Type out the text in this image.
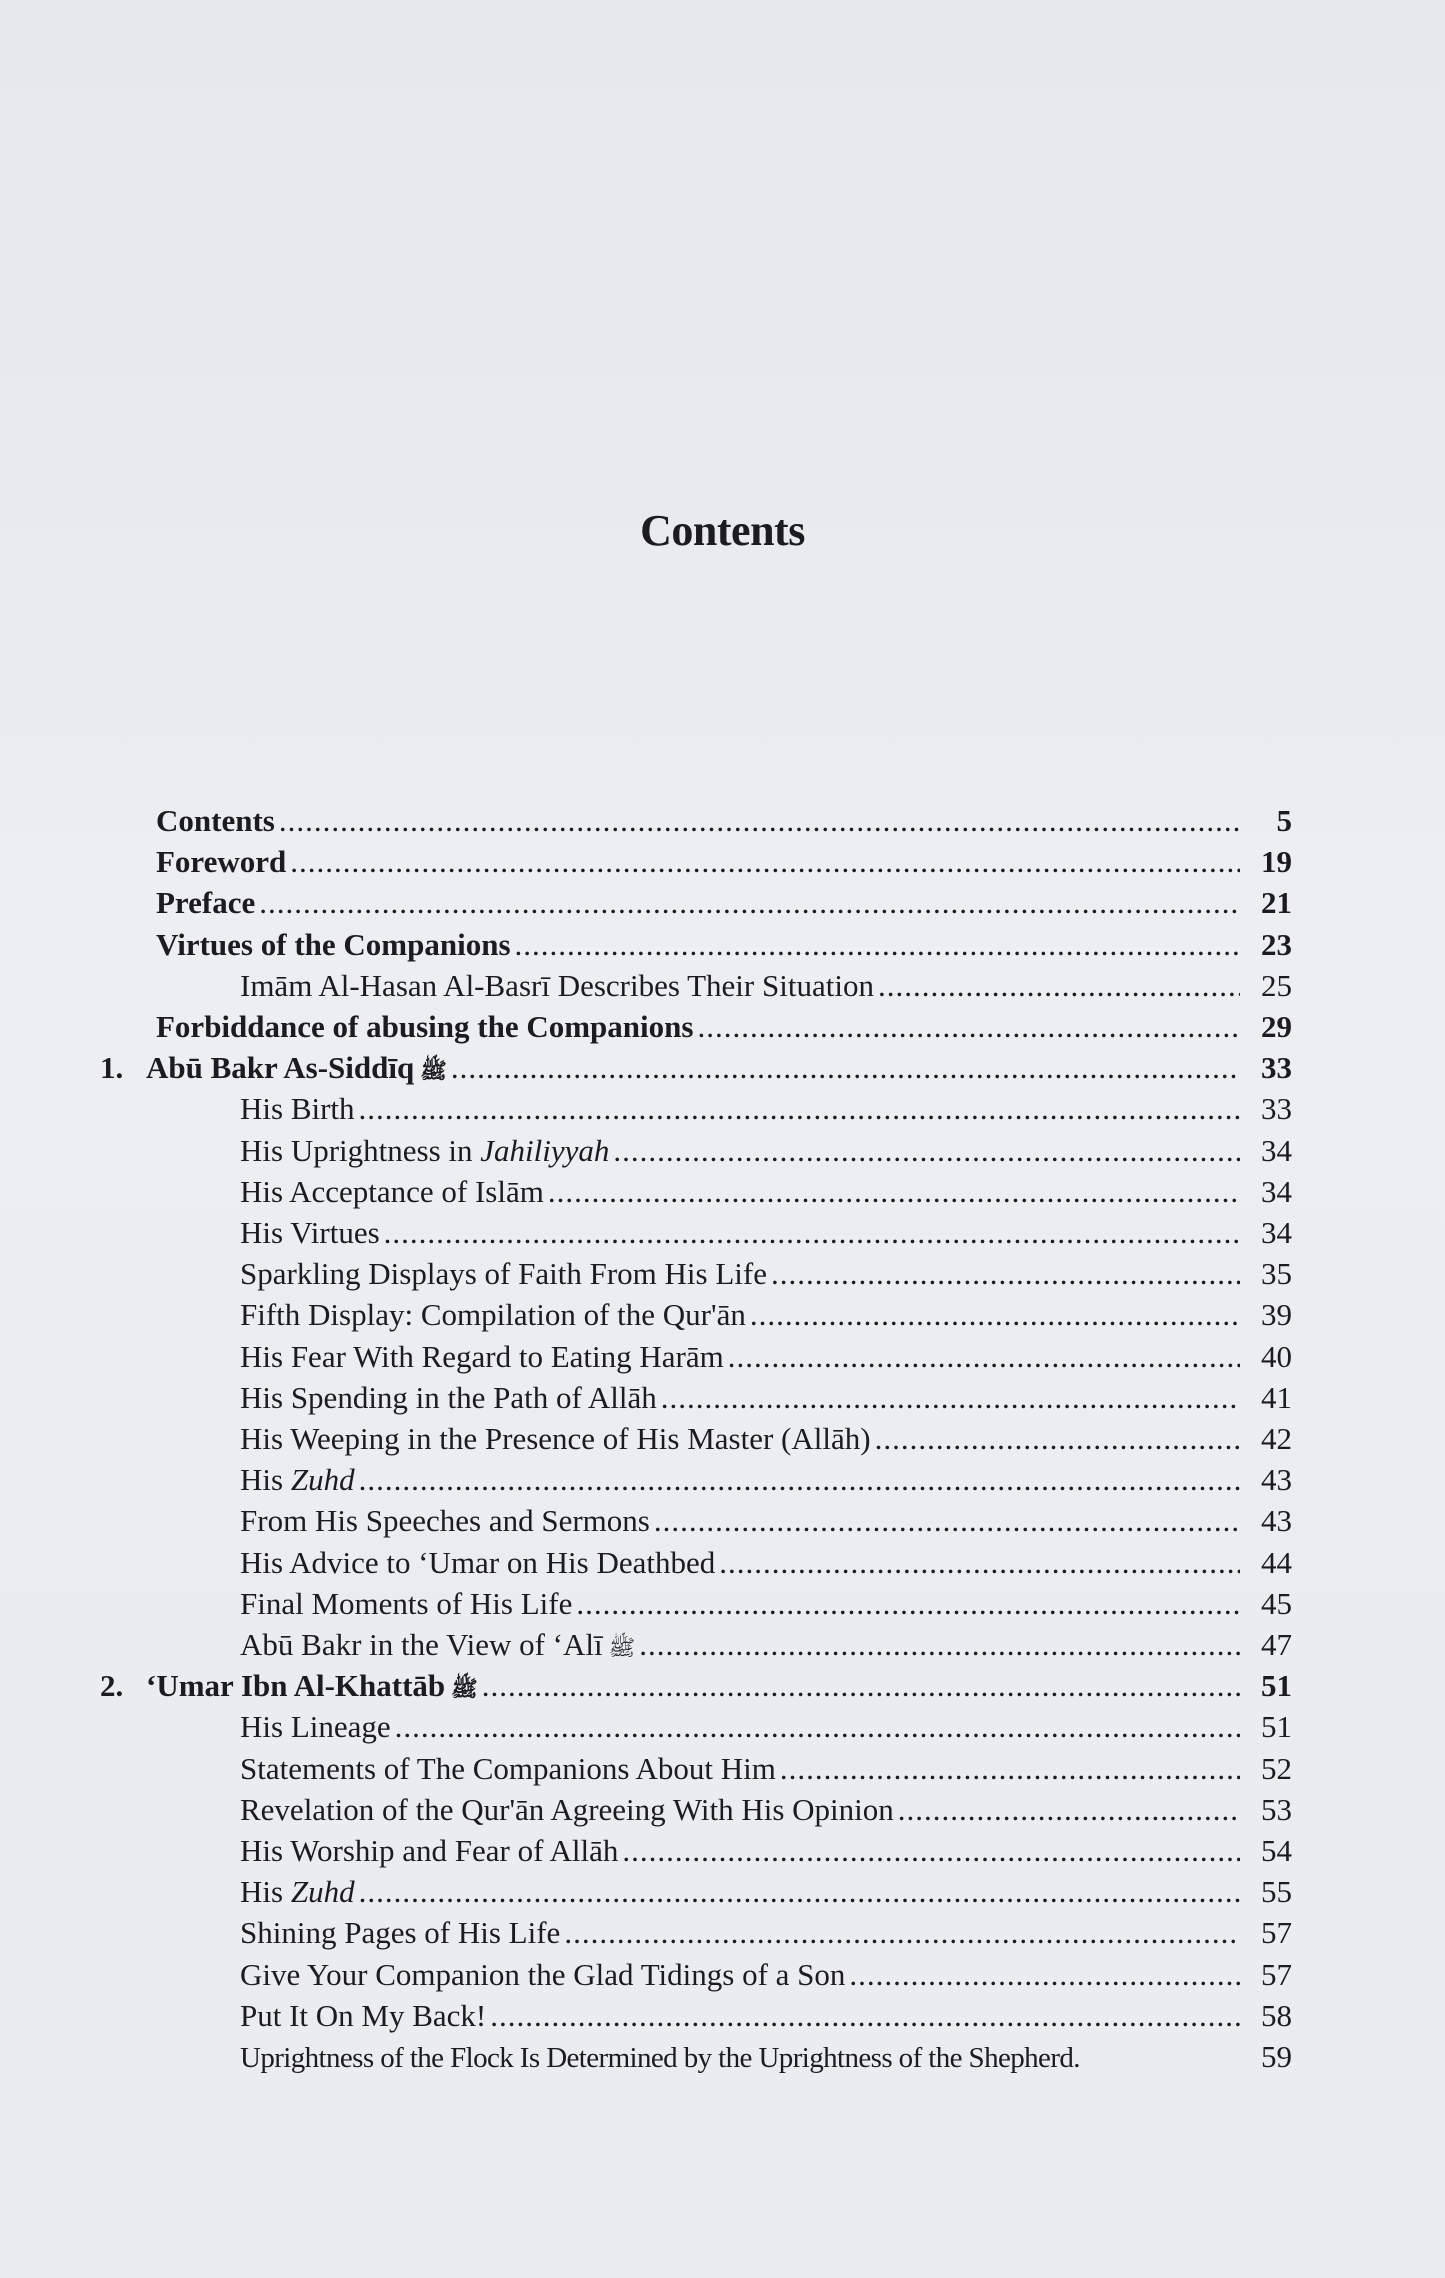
Contents
Contents .....	5
Foreword .....	19
Preface .....	21
Virtues of the Companions .....	23
Imām Al-Hasan Al-Basrī Describes Their Situation .....	25
Forbiddance of abusing the Companions .....	29
1. Abū Bakr As-Siddīq ﷺ .....	33
His Birth .....	33
His Uprightness in Jahiliyyah .....	34
His Acceptance of Islām .....	34
His Virtues .....	34
Sparkling Displays of Faith From His Life .....	35
Fifth Display: Compilation of the Qur'ān .....	39
His Fear With Regard to Eating Harām .....	40
His Spending in the Path of Allāh .....	41
His Weeping in the Presence of His Master (Allāh) .....	42
His Zuhd .....	43
From His Speeches and Sermons .....	43
His Advice to ‘Umar on His Deathbed .....	44
Final Moments of His Life .....	45
Abū Bakr in the View of ‘Alī ﷺ .....	47
2. ‘Umar Ibn Al-Khattāb ﷺ .....	51
His Lineage .....	51
Statements of The Companions About Him .....	52
Revelation of the Qur'ān Agreeing With His Opinion .....	53
His Worship and Fear of Allāh .....	54
His Zuhd .....	55
Shining Pages of His Life .....	57
Give Your Companion the Glad Tidings of a Son .....	57
Put It On My Back! .....	58
Uprightness of the Flock Is Determined by the Uprightness of the Shepherd.	59
